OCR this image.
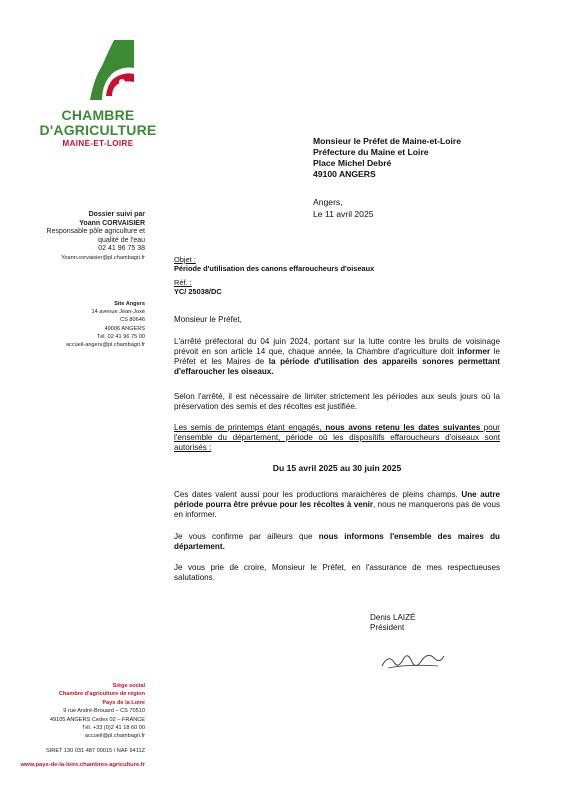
CHAMBRE
D'AGRICULTURE
MAINE-ET-LOIRE
Dossier suivi par
Yoann CORVAISIER
Responsable pôle agriculture et
qualité de l'eau
02 41 96 75 38
Yoann.corvaisier@pl.chambagri.fr
Site Angers
14 avenue Jean-Joxé
CS 80646
49006 ANGERS
Tél. 02 41 96 75 00
accueil-angers@pl.chambagri.fr
Siège social
Chambre d'agriculture de région
Pays de la Loire
9 rue André-Brouard – CS 70510
49105 ANGERS Cedex 02 – FRANCE
Tél. +33 (0)2 41 18 60 00
accueil@pl.chambagri.fr
SIRET 130 031 487 00015 / NAF 9411Z
www.pays-de-la-loire.chambres-agriculture.fr
Monsieur le Préfet de Maine-et-Loire
Préfecture du Maine et Loire
Place Michel Debré
49100 ANGERS
Angers,
Le 11 avril 2025
Objet :
Période d'utilisation des canons effaroucheurs d'oiseaux
Réf. :
YC/ 25038/DC
Monsieur le Préfet,
L'arrêté préfectoral du 04 juin 2024, portant sur la lutte contre les bruits de voisinage prévoit en son article 14 que, chaque année, la Chambre d'agriculture doit informer le Préfet et les Maires de la période d'utilisation des appareils sonores permettant d'effaroucher les oiseaux.
Selon l'arrêté, il est nécessaire de limiter strictement les périodes aux seuls jours où la préservation des semis et des récoltes est justifiée.
Les semis de printemps étant engagés, nous avons retenu les dates suivantes pour l'ensemble du département, période où les dispositifs effaroucheurs d'oiseaux sont autorisés :
Du 15 avril 2025 au 30 juin 2025
Ces dates valent aussi pour les productions maraichères de pleins champs. Une autre période pourra être prévue pour les récoltes à venir, nous ne manquerons pas de vous en informer.
Je vous confirme par ailleurs que nous informons l'ensemble des maires du département.
Je vous prie de croire, Monsieur le Préfet, en l'assurance de mes respectueuses salutations.
Denis LAIZÉ
Président
